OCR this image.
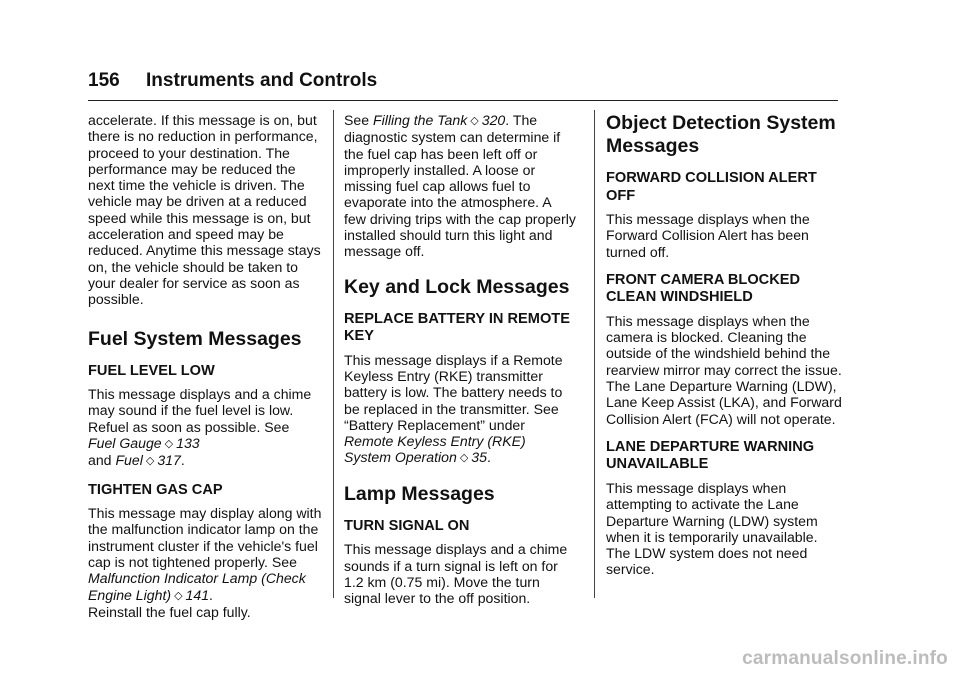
156 Instruments and Controls

accelerate. If this message is on, but there is no reduction in performance, proceed to your destination. The performance may be reduced the next time the vehicle is driven. The vehicle may be driven at a reduced speed while this message is on, but acceleration and speed may be reduced. Anytime this message stays on, the vehicle should be taken to your dealer for service as soon as possible.

Fuel System Messages
FUEL LEVEL LOW

This message displays and a chime may sound if the fuel level is low. Refuel as soon as possible. See
Fuel Gauge ◇ 133
and Fuel ◇ 317.

TIGHTEN GAS CAP

This message may display along with the malfunction indicator lamp on the instrument cluster if the vehicle's fuel cap is not tightened properly. See Malfunction Indicator Lamp (Check Engine Light) ◇ 141.
Reinstall the fuel cap fully.

See Filling the Tank ◇ 320. The diagnostic system can determine if the fuel cap has been left off or improperly installed. A loose or missing fuel cap allows fuel to evaporate into the atmosphere. A few driving trips with the cap properly installed should turn this light and message off.

Key and Lock Messages
REPLACE BATTERY IN REMOTE KEY

This message displays if a Remote Keyless Entry (RKE) transmitter battery is low. The battery needs to be replaced in the transmitter. See “Battery Replacement” under Remote Keyless Entry (RKE) System Operation ◇ 35.

Lamp Messages
TURN SIGNAL ON

This message displays and a chime sounds if a turn signal is left on for 1.2 km (0.75 mi). Move the turn signal lever to the off position.

Object Detection System Messages
FORWARD COLLISION ALERT OFF

This message displays when the Forward Collision Alert has been turned off.

FRONT CAMERA BLOCKED CLEAN WINDSHIELD

This message displays when the camera is blocked. Cleaning the outside of the windshield behind the rearview mirror may correct the issue. The Lane Departure Warning (LDW), Lane Keep Assist (LKA), and Forward Collision Alert (FCA) will not operate.

LANE DEPARTURE WARNING UNAVAILABLE

This message displays when attempting to activate the Lane Departure Warning (LDW) system when it is temporarily unavailable. The LDW system does not need service.

carmanualsonline.info
